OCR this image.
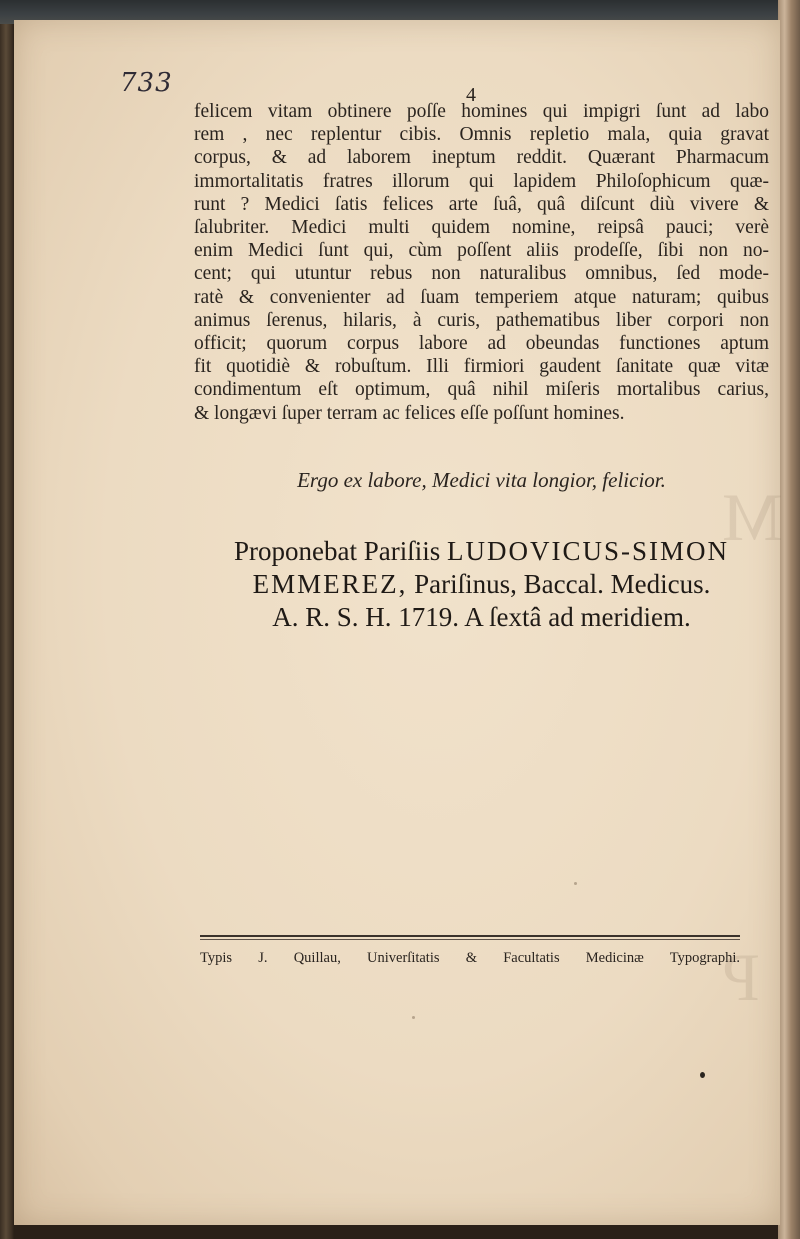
M
P
733	4
felicem vitam obtinere poſſe homines qui impigri ſunt ad labo
rem , nec replentur cibis. Omnis repletio mala, quia gravat
corpus, & ad laborem ineptum reddit. Quærant Pharmacum
immortalitatis fratres illorum qui lapidem Philoſophicum quæ-
runt ? Medici ſatis felices arte ſuâ, quâ diſcunt diù vivere &
ſalubriter. Medici multi quidem nomine, reipsâ pauci; verè
enim Medici ſunt qui, cùm poſſent aliis prodeſſe, ſibi non no-
cent; qui utuntur rebus non naturalibus omnibus, ſed mode-
ratè & convenienter ad ſuam temperiem atque naturam; quibus
animus ſerenus, hilaris, à curis, pathematibus liber corpori non
officit; quorum corpus labore ad obeundas functiones aptum
fit quotidiè & robuſtum. Illi firmiori gaudent ſanitate quæ vitæ
condimentum eſt optimum, quâ nihil miſeris mortalibus carius,
& longævi ſuper terram ac felices eſſe poſſunt homines.
Ergo ex labore, Medici vita longior, felicior.
Proponebat Pariſiis LUDOVICUS-SIMON
EMMEREZ, Pariſinus, Baccal. Medicus.
A. R. S. H. 1719. A ſextâ ad meridiem.
Typis J. Quillau, Univerſitatis & Facultatis Medicinæ Typographi.
